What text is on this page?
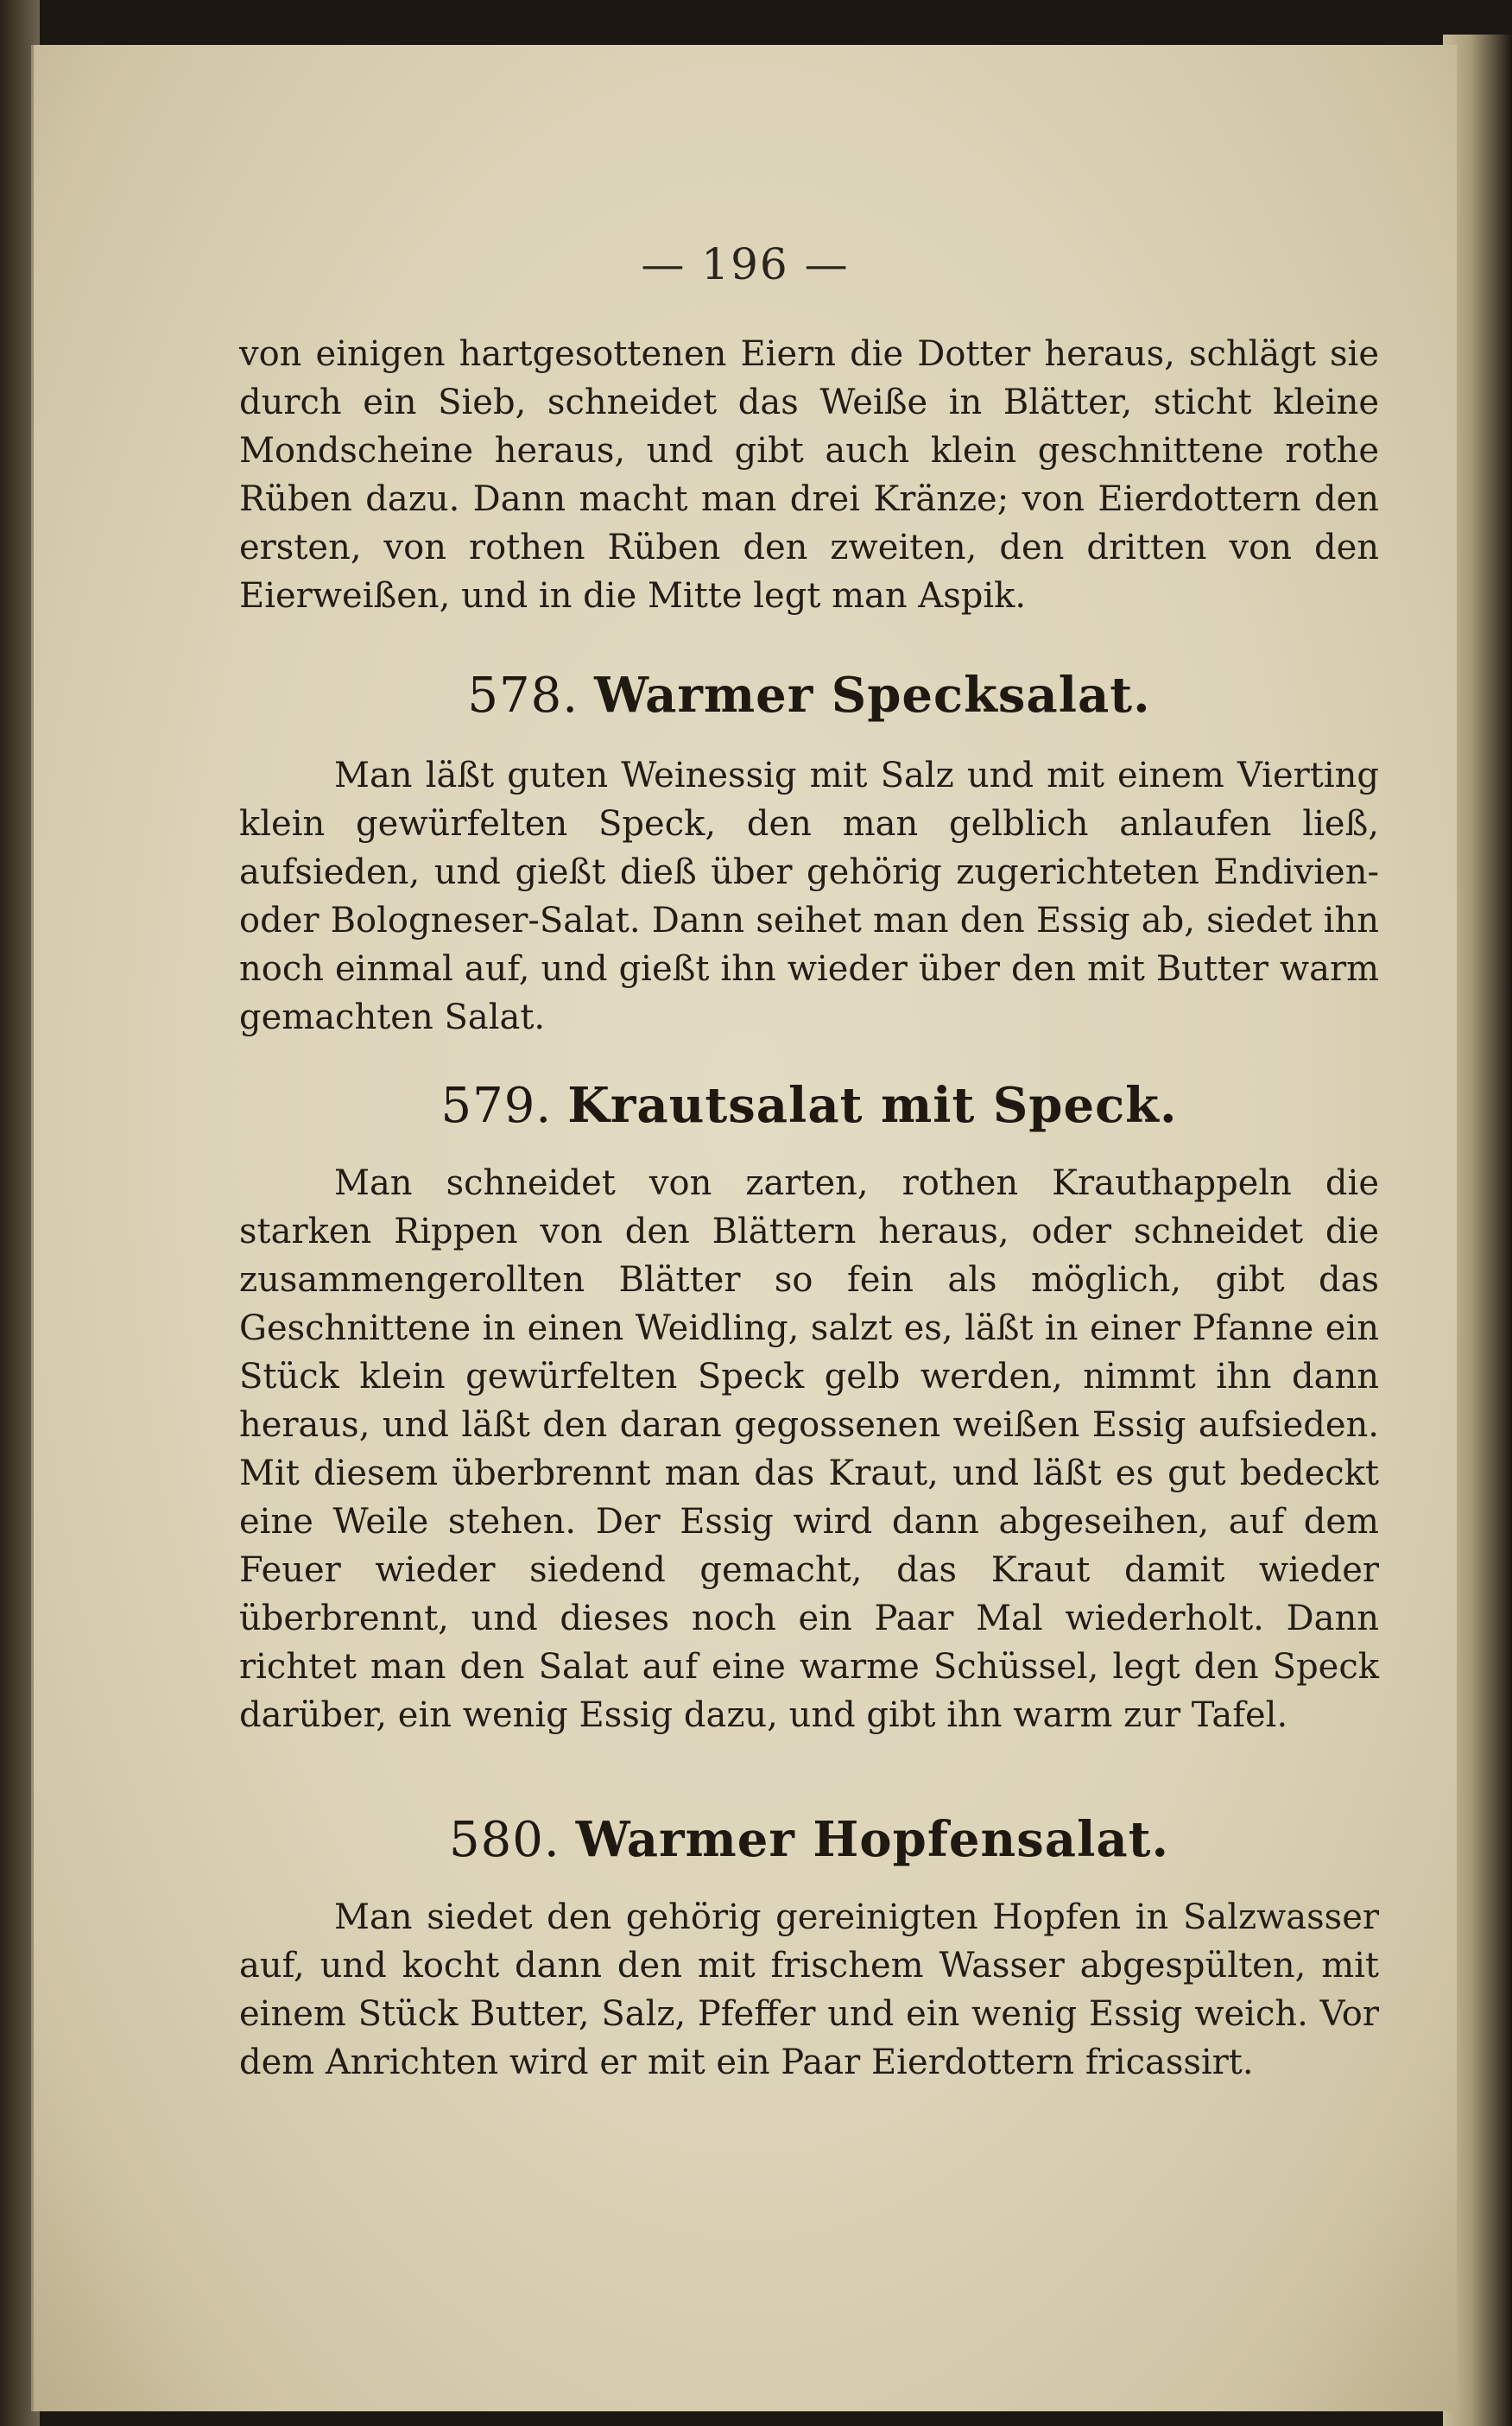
— 196 —

von einigen hartgesottenen Eiern die Dotter heraus, schlägt sie durch ein Sieb, schneidet das Weiße in Blätter, sticht kleine Mondscheine heraus, und gibt auch klein geschnittene rothe Rüben dazu. Dann macht man drei Kränze; von Eierdottern den ersten, von rothen Rüben den zweiten, den dritten von den Eierweißen, und in die Mitte legt man Aspik.

578. Warmer Specksalat.

Man läßt guten Weinessig mit Salz und mit einem Vierting klein gewürfelten Speck, den man gelblich anlaufen ließ, aufsieden, und gießt dieß über gehörig zugerichteten Endivien- oder Bologneser-Salat. Dann seihet man den Essig ab, siedet ihn noch einmal auf, und gießt ihn wieder über den mit Butter warm gemachten Salat.

579. Krautsalat mit Speck.

Man schneidet von zarten, rothen Krauthappeln die starken Rippen von den Blättern heraus, oder schneidet die zusammengerollten Blätter so fein als möglich, gibt das Geschnittene in einen Weidling, salzt es, läßt in einer Pfanne ein Stück klein gewürfelten Speck gelb werden, nimmt ihn dann heraus, und läßt den daran gegossenen weißen Essig aufsieden. Mit diesem überbrennt man das Kraut, und läßt es gut bedeckt eine Weile stehen. Der Essig wird dann abgeseihen, auf dem Feuer wieder siedend gemacht, das Kraut damit wieder überbrennt, und dieses noch ein Paar Mal wiederholt. Dann richtet man den Salat auf eine warme Schüssel, legt den Speck darüber, ein wenig Essig dazu, und gibt ihn warm zur Tafel.

580. Warmer Hopfensalat.

Man siedet den gehörig gereinigten Hopfen in Salzwasser auf, und kocht dann den mit frischem Wasser abgespülten, mit einem Stück Butter, Salz, Pfeffer und ein wenig Essig weich. Vor dem Anrichten wird er mit ein Paar Eierdottern fricassirt.
